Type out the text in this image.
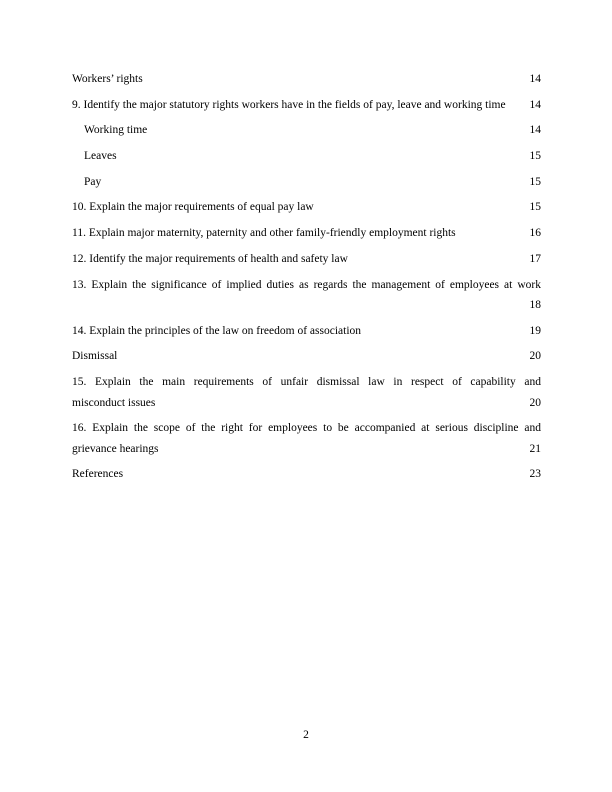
Workers’ rights	14
9. Identify the major statutory rights workers have in the fields of pay, leave and working time	14
Working time	14
Leaves	15
Pay	15
10. Explain the major requirements of equal pay law	15
11. Explain major maternity, paternity and other family-friendly employment rights	16
12. Identify the major requirements of health and safety law	17
13. Explain the significance of implied duties as regards the management of employees at work
18
14. Explain the principles of the law on freedom of association	19
Dismissal	20
15. Explain the main requirements of unfair dismissal law in respect of capability and
misconduct issues	20
16. Explain the scope of the right for employees to be accompanied at serious discipline and
grievance hearings	21
References	23
2
